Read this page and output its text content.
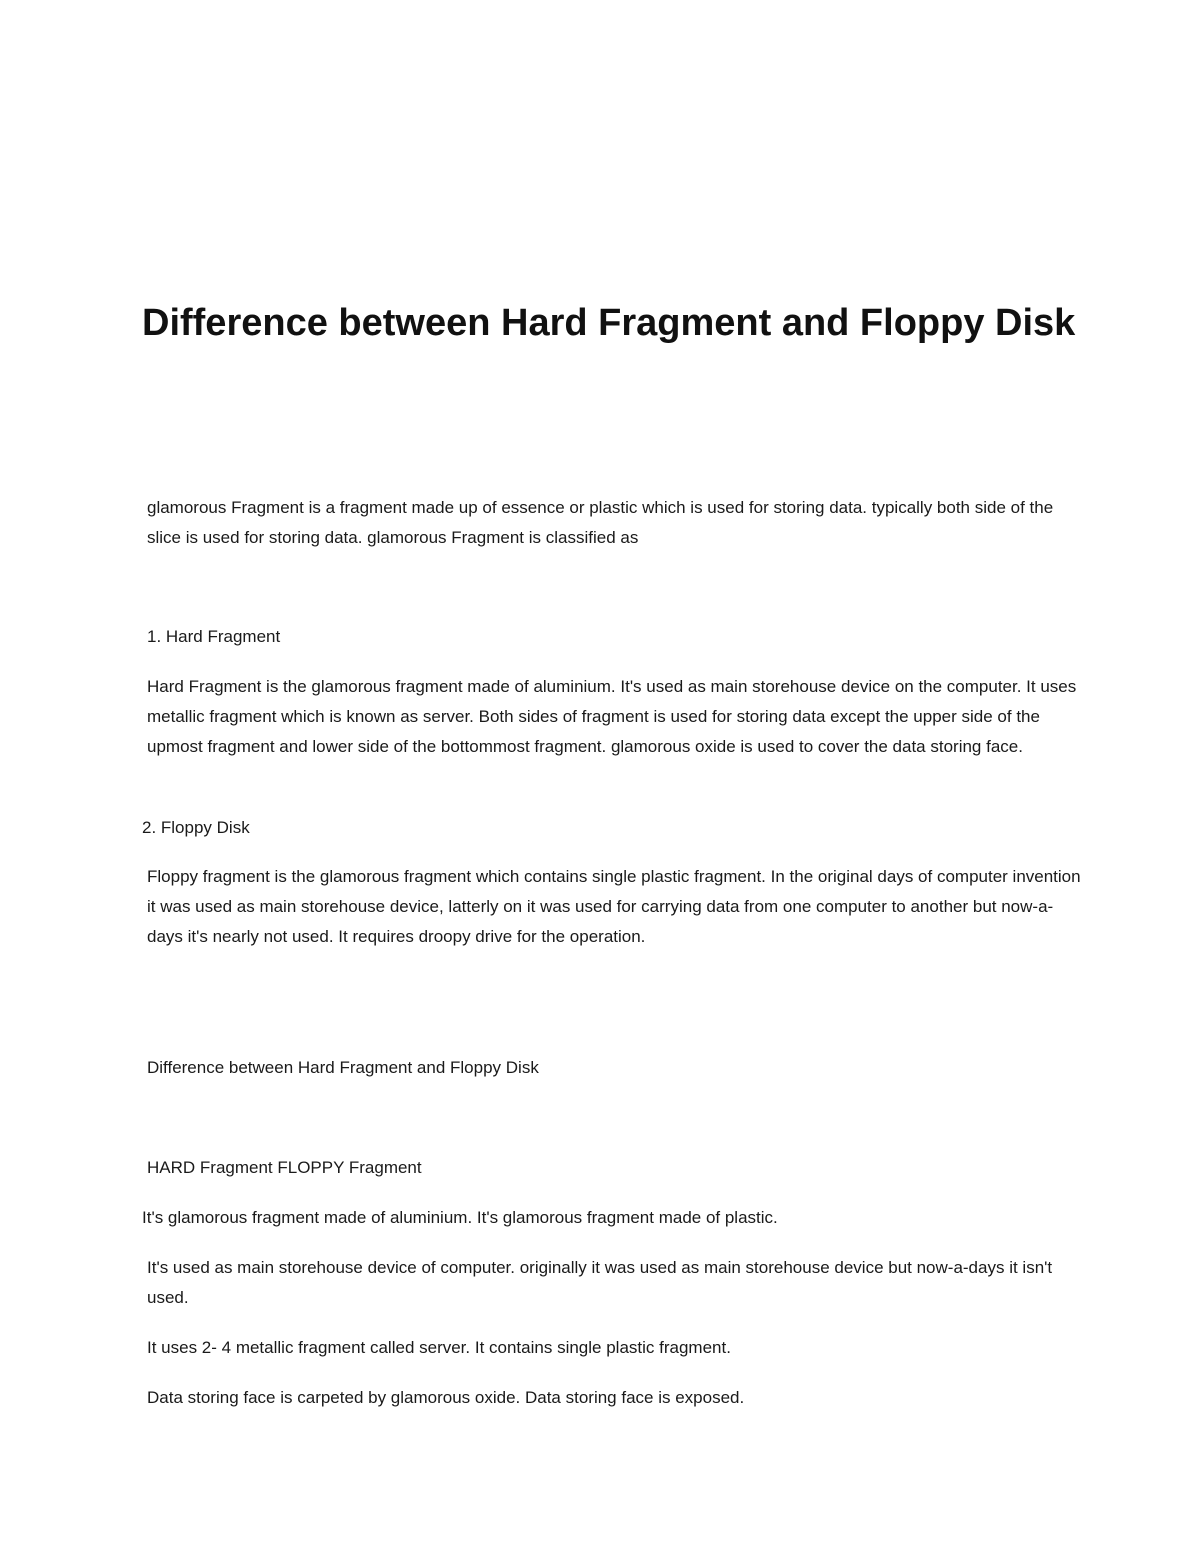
Difference between Hard Fragment and Floppy Disk

glamorous Fragment is a fragment made up of essence or plastic which is used for storing data. typically both side of the slice is used for storing data. glamorous Fragment is classified as

1. Hard Fragment

Hard Fragment is the glamorous fragment made of aluminium. It's used as main storehouse device on the computer. It uses metallic fragment which is known as server. Both sides of fragment is used for storing data except the upper side of the upmost fragment and lower side of the bottommost fragment. glamorous oxide is used to cover the data storing face.

2. Floppy Disk

Floppy fragment is the glamorous fragment which contains single plastic fragment. In the original days of computer invention it was used as main storehouse device, latterly on it was used for carrying data from one computer to another but now-a-days it's nearly not used. It requires droopy drive for the operation.

Difference between Hard Fragment and Floppy Disk

HARD Fragment FLOPPY Fragment

It's glamorous fragment made of aluminium. It's glamorous fragment made of plastic.

It's used as main storehouse device of computer. originally it was used as main storehouse device but now-a-days it isn't used.

It uses 2- 4 metallic fragment called server. It contains single plastic fragment.

Data storing face is carpeted by glamorous oxide. Data storing face is exposed.
